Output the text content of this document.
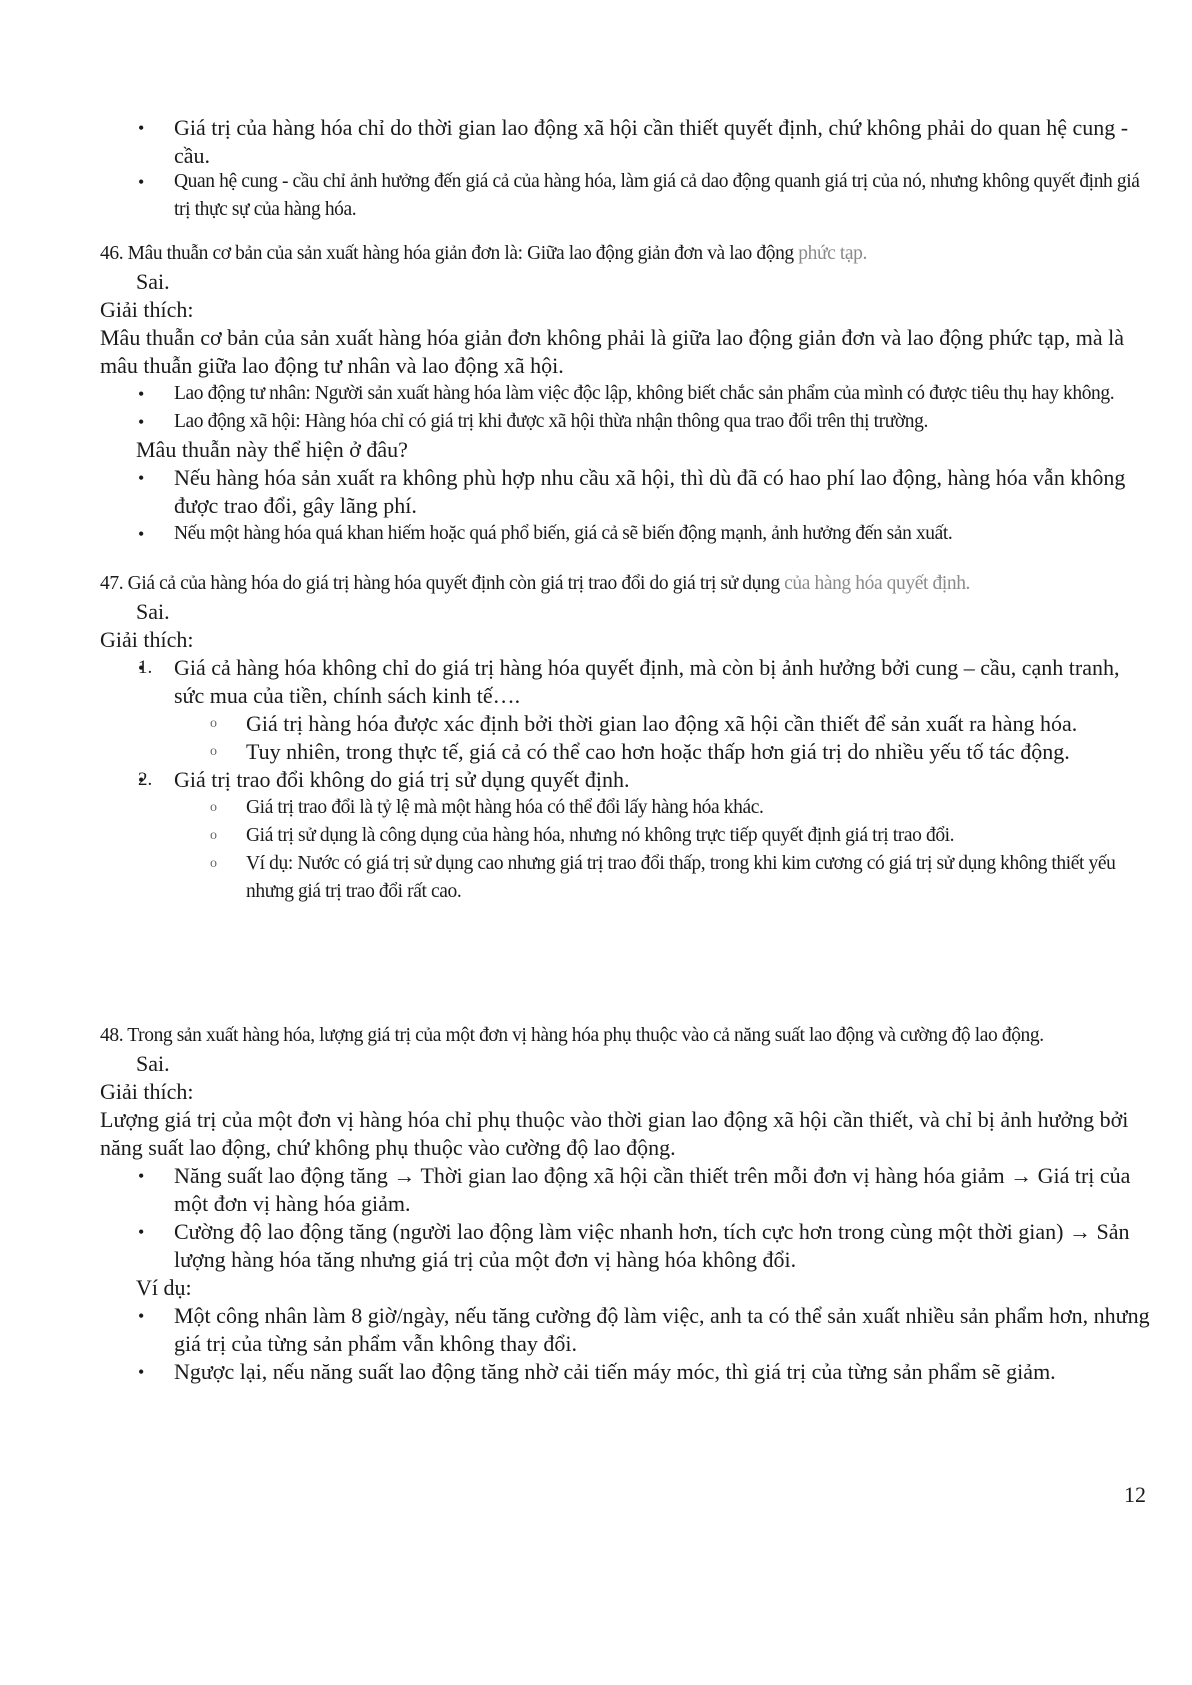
• Giá trị của hàng hóa chỉ do thời gian lao động xã hội cần thiết quyết định, chứ không phải do quan hệ cung - cầu.
• Quan hệ cung - cầu chỉ ảnh hưởng đến giá cả của hàng hóa, làm giá cả dao động quanh giá trị của nó, nhưng không quyết định giá trị thực sự của hàng hóa.

46. Mâu thuẫn cơ bản của sản xuất hàng hóa giản đơn là: Giữa lao động giản đơn và lao động phức tạp.

Sai.

Giải thích:

Mâu thuẫn cơ bản của sản xuất hàng hóa giản đơn không phải là giữa lao động giản đơn và lao động phức tạp, mà là mâu thuẫn giữa lao động tư nhân và lao động xã hội.

• Lao động tư nhân: Người sản xuất hàng hóa làm việc độc lập, không biết chắc sản phẩm của mình có được tiêu thụ hay không.
• Lao động xã hội: Hàng hóa chỉ có giá trị khi được xã hội thừa nhận thông qua trao đổi trên thị trường.

Mâu thuẫn này thể hiện ở đâu?

• Nếu hàng hóa sản xuất ra không phù hợp nhu cầu xã hội, thì dù đã có hao phí lao động, hàng hóa vẫn không được trao đổi, gây lãng phí.
• Nếu một hàng hóa quá khan hiếm hoặc quá phổ biến, giá cả sẽ biến động mạnh, ảnh hưởng đến sản xuất.

47. Giá cả của hàng hóa do giá trị hàng hóa quyết định còn giá trị trao đổi do giá trị sử dụng của hàng hóa quyết định.

Sai.

Giải thích:

• 1. Giá cả hàng hóa không chỉ do giá trị hàng hóa quyết định, mà còn bị ảnh hưởng bởi cung – cầu, cạnh tranh, sức mua của tiền, chính sách kinh tế….
o Giá trị hàng hóa được xác định bởi thời gian lao động xã hội cần thiết để sản xuất ra hàng hóa.
o Tuy nhiên, trong thực tế, giá cả có thể cao hơn hoặc thấp hơn giá trị do nhiều yếu tố tác động.
• 2. Giá trị trao đổi không do giá trị sử dụng quyết định.
o Giá trị trao đổi là tỷ lệ mà một hàng hóa có thể đổi lấy hàng hóa khác.
o Giá trị sử dụng là công dụng của hàng hóa, nhưng nó không trực tiếp quyết định giá trị trao đổi.
o Ví dụ: Nước có giá trị sử dụng cao nhưng giá trị trao đổi thấp, trong khi kim cương có giá trị sử dụng không thiết yếu nhưng giá trị trao đổi rất cao.

48. Trong sản xuất hàng hóa, lượng giá trị của một đơn vị hàng hóa phụ thuộc vào cả năng suất lao động và cường độ lao động.

Sai.

Giải thích:

Lượng giá trị của một đơn vị hàng hóa chỉ phụ thuộc vào thời gian lao động xã hội cần thiết, và chỉ bị ảnh hưởng bởi năng suất lao động, chứ không phụ thuộc vào cường độ lao động.

• Năng suất lao động tăng → Thời gian lao động xã hội cần thiết trên mỗi đơn vị hàng hóa giảm → Giá trị của một đơn vị hàng hóa giảm.
• Cường độ lao động tăng (người lao động làm việc nhanh hơn, tích cực hơn trong cùng một thời gian) → Sản lượng hàng hóa tăng nhưng giá trị của một đơn vị hàng hóa không đổi.

Ví dụ:

• Một công nhân làm 8 giờ/ngày, nếu tăng cường độ làm việc, anh ta có thể sản xuất nhiều sản phẩm hơn, nhưng giá trị của từng sản phẩm vẫn không thay đổi.
• Ngược lại, nếu năng suất lao động tăng nhờ cải tiến máy móc, thì giá trị của từng sản phẩm sẽ giảm.
12
